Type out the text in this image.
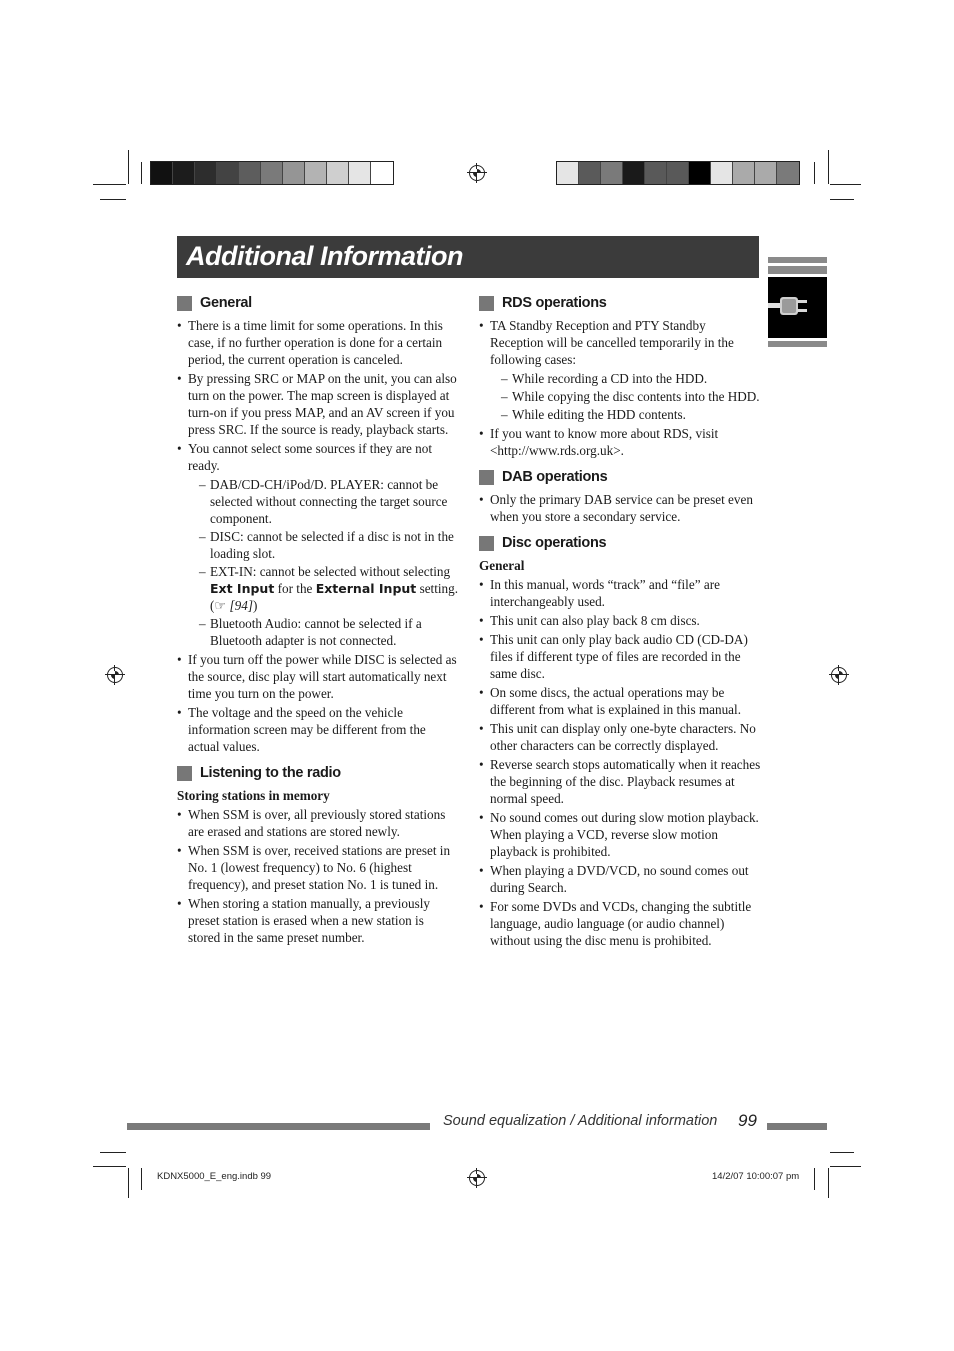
Additional Information
General
• There is a time limit for some operations. In this case, if no further operation is done for a certain period, the current operation is canceled.
• By pressing SRC or MAP on the unit, you can also turn on the power. The map screen is displayed at turn-on if you press MAP, and an AV screen if you press SRC. If the source is ready, playback starts.
• You cannot select some sources if they are not ready.
– DAB/CD-CH/iPod/D. PLAYER: cannot be selected without connecting the target source component.
– DISC: cannot be selected if a disc is not in the loading slot.
– EXT-IN: cannot be selected without selecting Ext Input for the External Input setting. (☞ [94])
– Bluetooth Audio: cannot be selected if a Bluetooth adapter is not connected.
• If you turn off the power while DISC is selected as the source, disc play will start automatically next time you turn on the power.
• The voltage and the speed on the vehicle information screen may be different from the actual values.
Listening to the radio
Storing stations in memory
• When SSM is over, all previously stored stations are erased and stations are stored newly.
• When SSM is over, received stations are preset in No. 1 (lowest frequency) to No. 6 (highest frequency), and preset station No. 1 is tuned in.
• When storing a station manually, a previously preset station is erased when a new station is stored in the same preset number.
RDS operations
• TA Standby Reception and PTY Standby Reception will be cancelled temporarily in the following cases:
– While recording a CD into the HDD.
– While copying the disc contents into the HDD.
– While editing the HDD contents.
• If you want to know more about RDS, visit <http://www.rds.org.uk>.
DAB operations
• Only the primary DAB service can be preset even when you store a secondary service.
Disc operations
General
• In this manual, words “track” and “file” are interchangeably used.
• This unit can also play back 8 cm discs.
• This unit can only play back audio CD (CD-DA) files if different type of files are recorded in the same disc.
• On some discs, the actual operations may be different from what is explained in this manual.
• This unit can display only one-byte characters. No other characters can be correctly displayed.
• Reverse search stops automatically when it reaches the beginning of the disc. Playback resumes at normal speed.
• No sound comes out during slow motion playback. When playing a VCD, reverse slow motion playback is prohibited.
• When playing a DVD/VCD, no sound comes out during Search.
• For some DVDs and VCDs, changing the subtitle language, audio language (or audio channel) without using the disc menu is prohibited.
Sound equalization / Additional information 99
KDNX5000_E_eng.indb 99	14/2/07 10:00:07 pm
